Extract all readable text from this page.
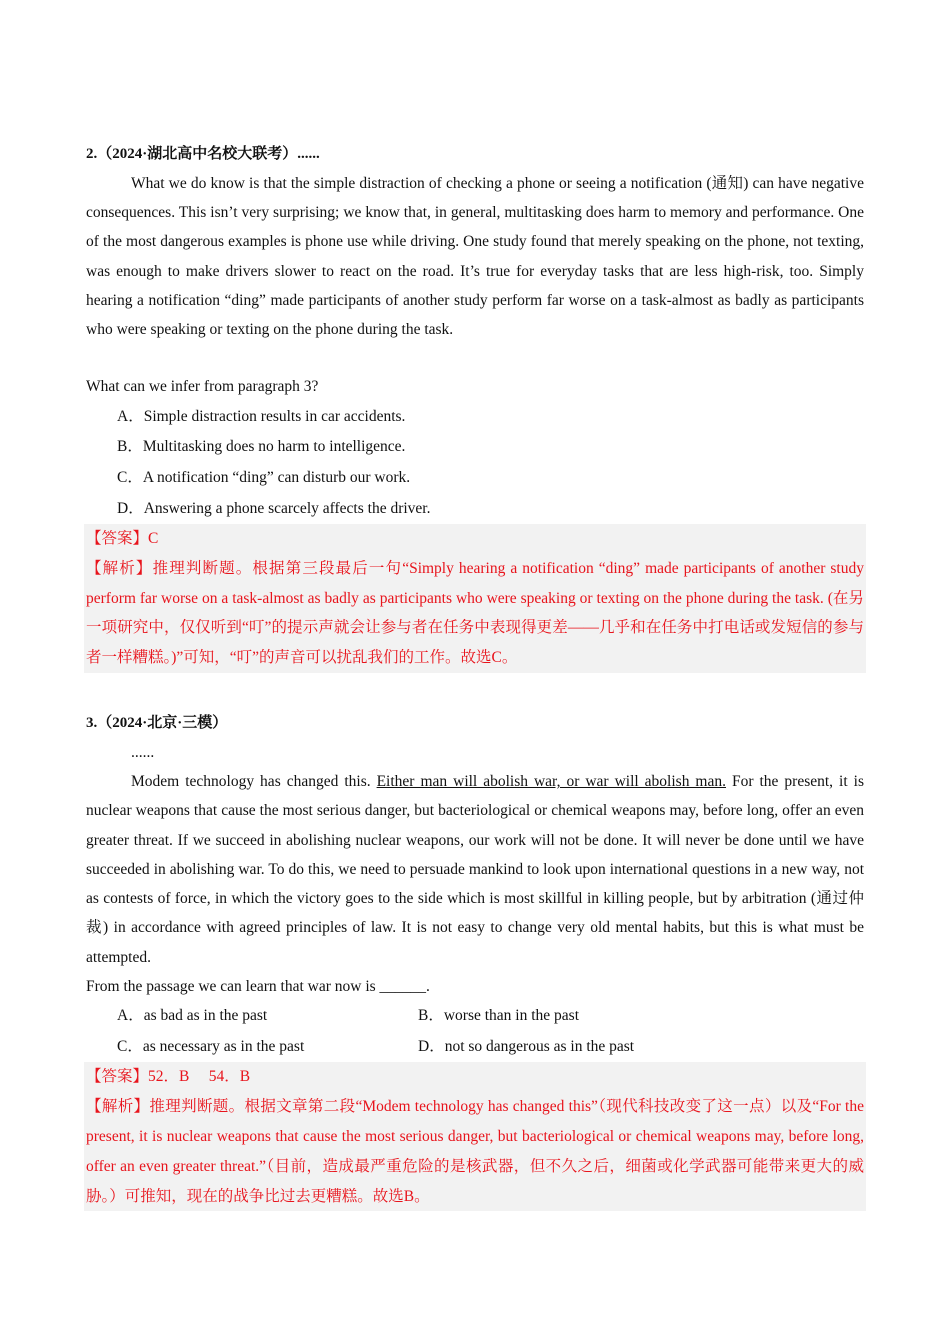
2.（2024·湖北高中名校大联考）......

What we do know is that the simple distraction of checking a phone or seeing a notification (通知) can have negative consequences. This isn’t very surprising; we know that, in general, multitasking does harm to memory and performance. One of the most dangerous examples is phone use while driving. One study found that merely speaking on the phone, not texting, was enough to make drivers slower to react on the road. It’s true for everyday tasks that are less high-risk, too. Simply hearing a notification “ding” made participants of another study perform far worse on a task-almost as badly as participants who were speaking or texting on the phone during the task.

What can we infer from paragraph 3?

A．Simple distraction results in car accidents.

B．Multitasking does no harm to intelligence.

C．A notification “ding” can disturb our work.

D．Answering a phone scarcely affects the driver.

【答案】C

【解析】推理判断题。根据第三段最后一句“Simply hearing a notification “ding” made participants of another study perform far worse on a task-almost as badly as participants who were speaking or texting on the phone during the task. (在另一项研究中，仅仅听到“叮”的提示声就会让参与者在任务中表现得更差——几乎和在任务中打电话或发短信的参与者一样糟糕。)”可知，“叮”的声音可以扰乱我们的工作。故选C。

3.（2024·北京·三模）

......

Modem technology has changed this. Either man will abolish war, or war will abolish man. For the present, it is nuclear weapons that cause the most serious danger, but bacteriological or chemical weapons may, before long, offer an even greater threat. If we succeed in abolishing nuclear weapons, our work will not be done. It will never be done until we have succeeded in abolishing war. To do this, we need to persuade mankind to look upon international questions in a new way, not as contests of force, in which the victory goes to the side which is most skillful in killing people, but by arbitration (通过仲裁) in accordance with agreed principles of law. It is not easy to change very old mental habits, but this is what must be attempted.

From the passage we can learn that war now is ______.

A．as bad as in the past	B．worse than in the past
C．as necessary as in the past	D．not so dangerous as in the past

【答案】52．B　 54．B

【解析】推理判断题。根据文章第二段“Modem technology has changed this”（现代科技改变了这一点）以及“For the present, it is nuclear weapons that cause the most serious danger, but bacteriological or chemical weapons may, before long, offer an even greater threat.”（目前，造成最严重危险的是核武器，但不久之后，细菌或化学武器可能带来更大的威胁。）可推知，现在的战争比过去更糟糕。故选B。
